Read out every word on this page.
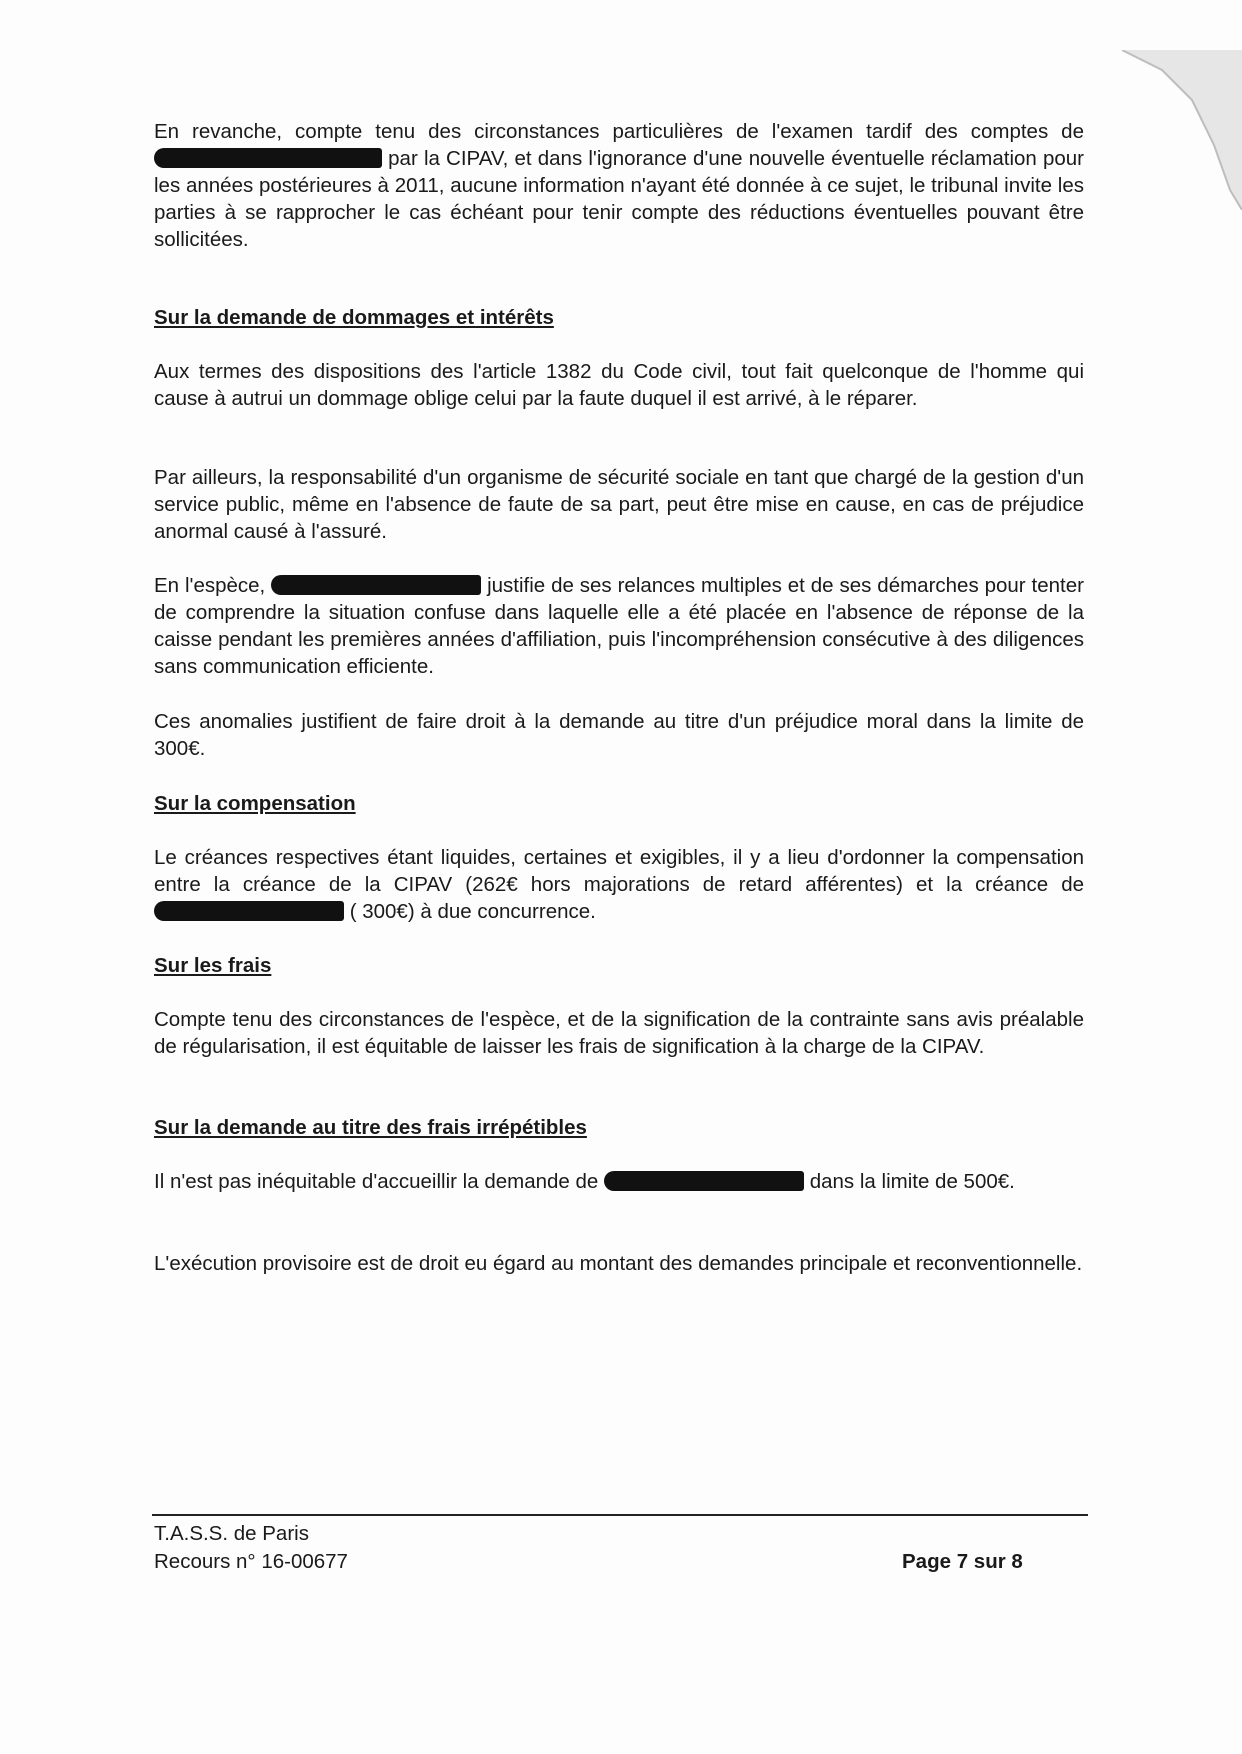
En revanche, compte tenu des circonstances particulières de l'examen tardif des comptes de  par la CIPAV, et dans l'ignorance d'une nouvelle éventuelle réclamation pour les années postérieures à 2011, aucune information n'ayant été donnée à ce sujet, le tribunal invite les parties à se rapprocher le cas échéant pour tenir compte des réductions éventuelles pouvant être sollicitées.

Sur la demande de dommages et intérêts

Aux termes des dispositions des l'article 1382 du Code civil, tout fait quelconque de l'homme qui cause à autrui un dommage oblige celui par la faute duquel il est arrivé, à le réparer.

Par ailleurs, la responsabilité d'un organisme de sécurité sociale en tant que chargé de la gestion d'un service public, même en l'absence de faute de sa part, peut être mise en cause, en cas de préjudice anormal causé à l'assuré.

En l'espèce,	justifie de ses relances multiples et de ses démarches pour tenter de comprendre la situation confuse dans laquelle elle a été placée en l'absence de réponse de la caisse pendant les premières années d'affiliation, puis l'incompréhension consécutive à des diligences sans communication efficiente.

Ces anomalies justifient de faire droit à la demande au titre d'un préjudice moral dans la limite de 300€.

Sur la compensation

Le créances respectives étant liquides, certaines et exigibles, il y a lieu d'ordonner la compensation entre la créance de la CIPAV (262€ hors majorations de retard afférentes) et la créance de  ( 300€) à due concurrence.

Sur les frais

Compte tenu des circonstances de l'espèce, et de la signification de la contrainte sans avis préalable de régularisation, il est équitable de laisser les frais de signification à la charge de la CIPAV.

Sur la demande au titre des frais irrépétibles

Il n'est pas inéquitable d'accueillir la demande de	dans la limite de 500€.

L'exécution provisoire est de droit eu égard au montant des demandes principale et reconventionnelle.

T.A.S.S. de Paris
Recours n° 16-00677	Page 7 sur 8
